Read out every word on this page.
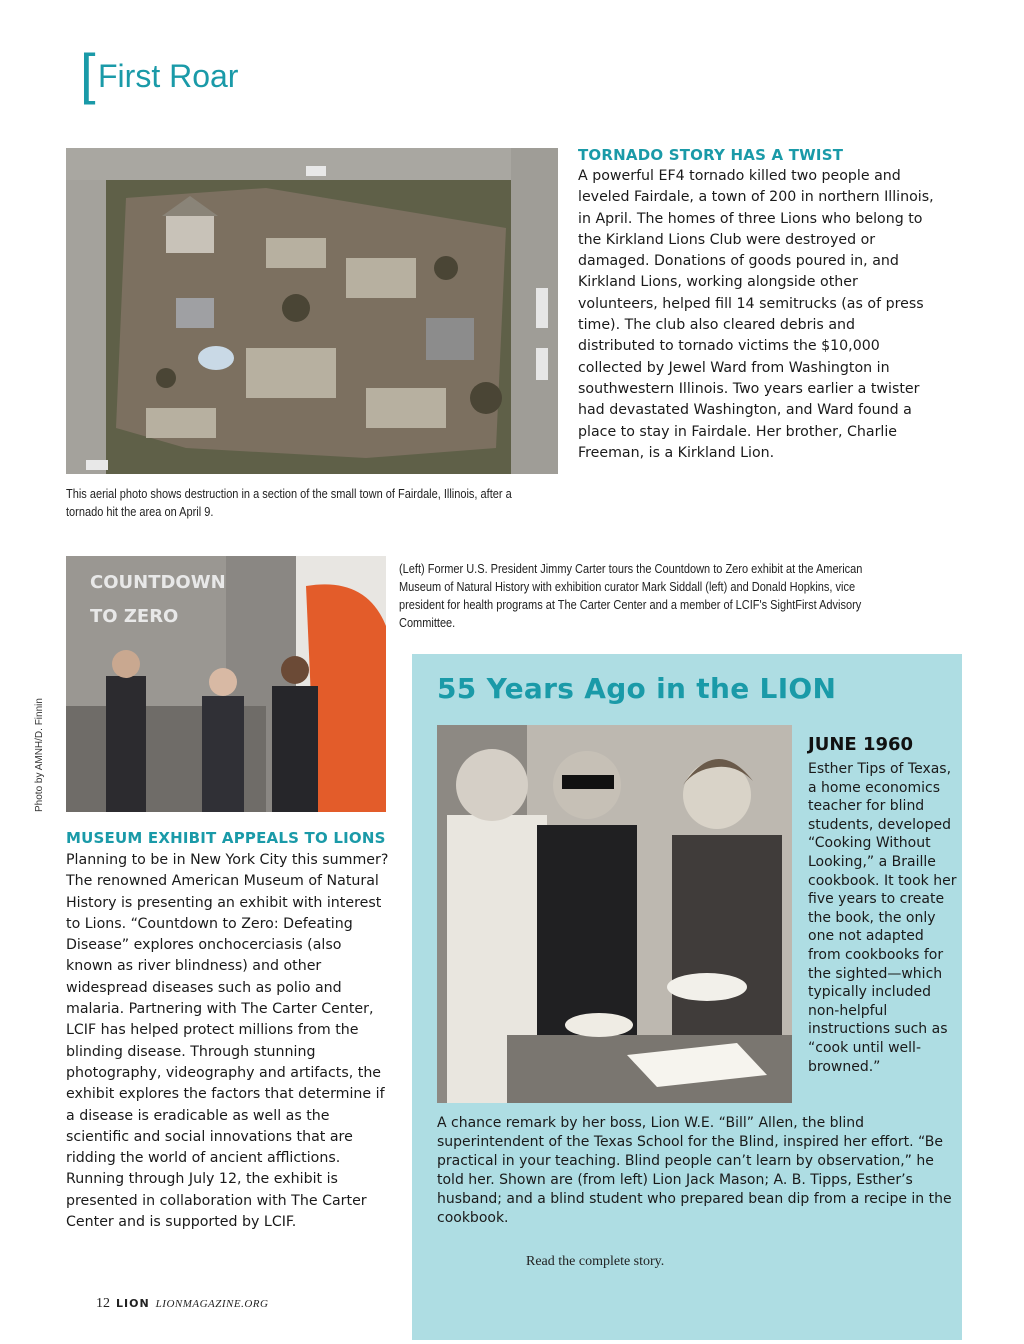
[ First Roar
This aerial photo shows destruction in a section of the small town of Fairdale, Illinois, after a tornado hit the area on April 9.
TORNADO STORY HAS A TWIST
A powerful EF4 tornado killed two people and leveled Fairdale, a town of 200 in northern Illinois, in April. The homes of three Lions who belong to the Kirkland Lions Club were destroyed or damaged. Donations of goods poured in, and Kirkland Lions, working alongside other volunteers, helped fill 14 semitrucks (as of press time). The club also cleared debris and distributed to tornado victims the $10,000 collected by Jewel Ward from Washington in southwestern Illinois. Two years earlier a twister had devastated Washington, and Ward found a place to stay in Fairdale. Her brother, Charlie Freeman, is a Kirkland Lion.
COUNTDOWN TO ZERO
Photo by AMNH/D. Finnin
(Left) Former U.S. President Jimmy Carter tours the Countdown to Zero exhibit at the American Museum of Natural History with exhibition curator Mark Siddall (left) and Donald Hopkins, vice president for health programs at The Carter Center and a member of LCIF's SightFirst Advisory Committee.
MUSEUM EXHIBIT APPEALS TO LIONS
Planning to be in New York City this summer? The renowned American Museum of Natural History is presenting an exhibit with interest to Lions. “Countdown to Zero: Defeating Disease” explores onchocerciasis (also known as river blindness) and other widespread diseases such as polio and malaria. Partnering with The Carter Center, LCIF has helped protect millions from the blinding disease. Through stunning photography, videography and artifacts, the exhibit explores the factors that determine if a disease is eradicable as well as the scientific and social innovations that are ridding the world of ancient afflictions. Running through July 12, the exhibit is presented in collaboration with The Carter Center and is supported by LCIF.
55 Years Ago in the LION
JUNE 1960
Esther Tips of Texas, a home economics teacher for blind students, developed “Cooking Without Looking,” a Braille cookbook. It took her five years to create the book, the only one not adapted from cookbooks for the sighted—which typically included non-helpful instructions such as “cook until well-browned.”
A chance remark by her boss, Lion W.E. “Bill” Allen, the blind superintendent of the Texas School for the Blind, inspired her effort. “Be practical in your teaching. Blind people can’t learn by observation,” he told her. Shown are (from left) Lion Jack Mason; A. B. Tipps, Esther’s husband; and a blind student who prepared bean dip from a recipe in the cookbook.
Read the complete story.
12 LION LIONMAGAZINE.ORG
